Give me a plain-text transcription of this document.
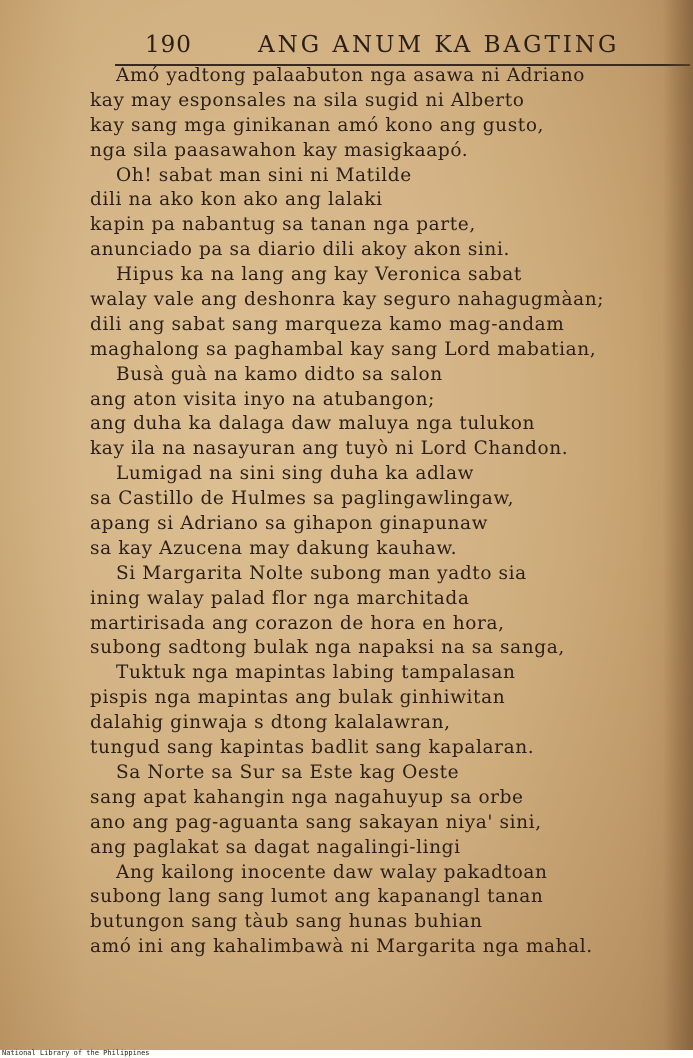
190	ANG ANUM KA BAGTING
Amó yadtong palaabuton nga asawa ni Adriano
kay may esponsales na sila sugid ni Alberto
kay sang mga ginikanan amó kono ang gusto,
nga sila paasawahon kay masigkaapó.
Oh! sabat man sini ni Matilde
dili na ako kon ako ang lalaki
kapin pa nabantug sa tanan nga parte,
anunciado pa sa diario dili akoy akon sini.
Hipus ka na lang ang kay Veronica sabat
walay vale ang deshonra kay seguro nahagugmàan;
dili ang sabat sang marqueza kamo mag-andam
maghalong sa paghambal kay sang Lord mabatian,
Busà guà na kamo didto sa salon
ang aton visita inyo na atubangon;
ang duha ka dalaga daw maluya nga tulukon
kay ila na nasayuran ang tuyò ni Lord Chandon.
Lumigad na sini sing duha ka adlaw
sa Castillo de Hulmes sa paglingawlingaw,
apang si Adriano sa gihapon ginapunaw
sa kay Azucena may dakung kauhaw.
Si Margarita Nolte subong man yadto sia
ining walay palad flor nga marchitada
martirisada ang corazon de hora en hora,
subong sadtong bulak nga napaksi na sa sanga,
Tuktuk nga mapintas labing tampalasan
pispis nga mapintas ang bulak ginhiwitan
dalahig ginwaja s dtong kalalawran,
tungud sang kapintas badlit sang kapalaran.
Sa Norte sa Sur sa Este kag Oeste
sang apat kahangin nga nagahuyup sa orbe
ano ang pag-aguanta sang sakayan niya' sini,
ang paglakat sa dagat nagalingi-lingi
Ang kailong inocente daw walay pakadtoan
subong lang sang lumot ang kapanangl tanan
butungon sang tàub sang hunas buhian
amó ini ang kahalimbawà ni Margarita nga mahal.
National Library of the Philippines
